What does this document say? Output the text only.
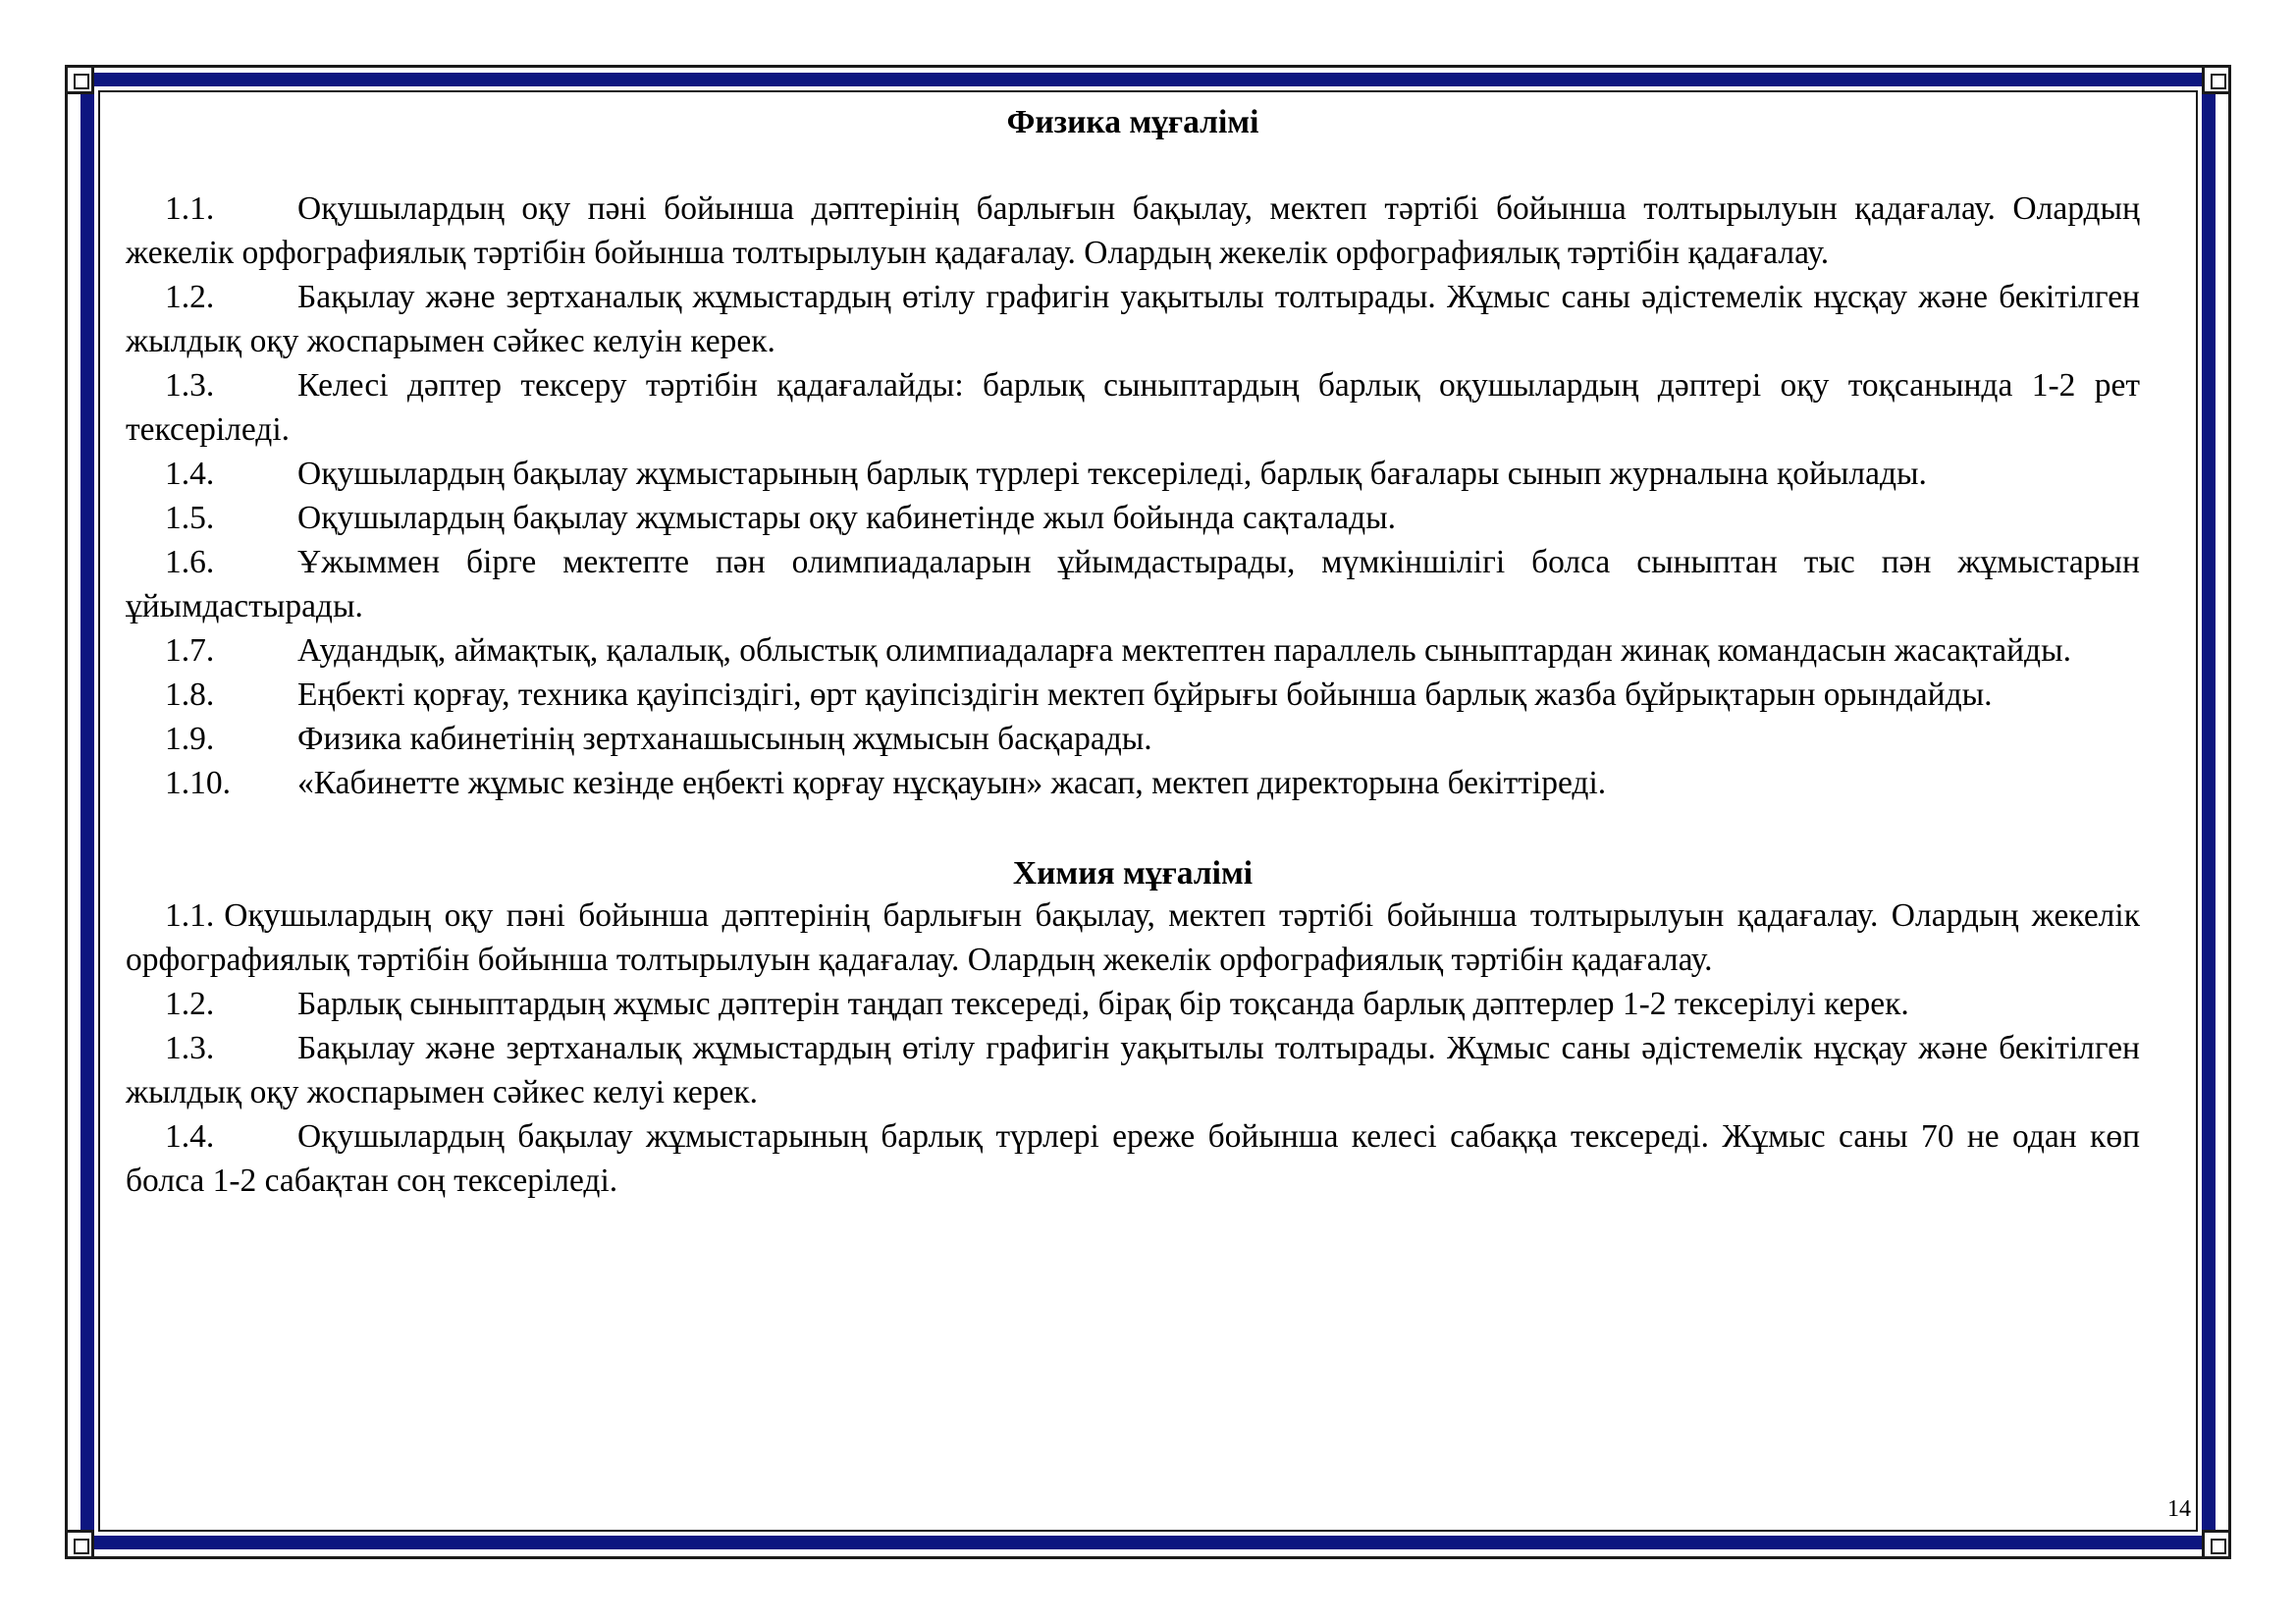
Физика мұғалімі

1.1.	Оқушылардың оқу пәні бойынша дәптерінің барлығын бақылау, мектеп тәртібі бойынша толтырылуын қадағалау. Олардың жекелік орфографиялық тәртібін бойынша толтырылуын қадағалау. Олардың жекелік орфографиялық тәртібін қадағалау.

1.2.	Бақылау және зертханалық жұмыстардың өтілу графигін уақытылы толтырады. Жұмыс саны әдістемелік нұсқау және бекітілген жылдық оқу жоспарымен сәйкес келуін керек.

1.3.	Келесі дәптер тексеру тәртібін қадағалайды: барлық сыныптардың барлық оқушылардың дәптері оқу тоқсанында 1-2 рет тексеріледі.

1.4.	Оқушылардың бақылау жұмыстарының барлық түрлері тексеріледі, барлық бағалары сынып журналына қойылады.

1.5.	Оқушылардың бақылау жұмыстары оқу кабинетінде жыл бойында сақталады.

1.6.	Ұжыммен бірге мектепте пән олимпиадаларын ұйымдастырады, мүмкіншілігі болса сыныптан тыс пән жұмыстарын ұйымдастырады.

1.7.	Аудандық, аймақтық, қалалық, облыстық олимпиадаларға мектептен параллель сыныптардан жинақ командасын жасақтайды.

1.8.	Еңбекті қорғау, техника қауіпсіздігі, өрт қауіпсіздігін мектеп бұйрығы бойынша барлық жазба бұйрықтарын орындайды.

1.9.	Физика кабинетінің зертханашысының жұмысын басқарады.

1.10. «Кабинетте жұмыс кезінде еңбекті қорғау нұсқауын» жасап, мектеп директорына бекіттіреді.

Химия мұғалімі

1.1. Оқушылардың оқу пәні бойынша дәптерінің барлығын бақылау, мектеп тәртібі бойынша толтырылуын қадағалау. Олардың жекелік орфографиялық тәртібін бойынша толтырылуын қадағалау. Олардың жекелік орфографиялық тәртібін қадағалау.

1.2.	Барлық сыныптардың жұмыс дәптерін таңдап тексереді, бірақ бір тоқсанда барлық дәптерлер 1-2 тексерілуі керек.

1.3.	Бақылау және зертханалық жұмыстардың өтілу графигін уақытылы толтырады. Жұмыс саны әдістемелік нұсқау және бекітілген жылдық оқу жоспарымен сәйкес келуі керек.

1.4.	Оқушылардың бақылау жұмыстарының барлық түрлері ереже бойынша келесі сабаққа тексереді. Жұмыс саны 70 не одан көп болса 1-2 сабақтан соң тексеріледі.

14
